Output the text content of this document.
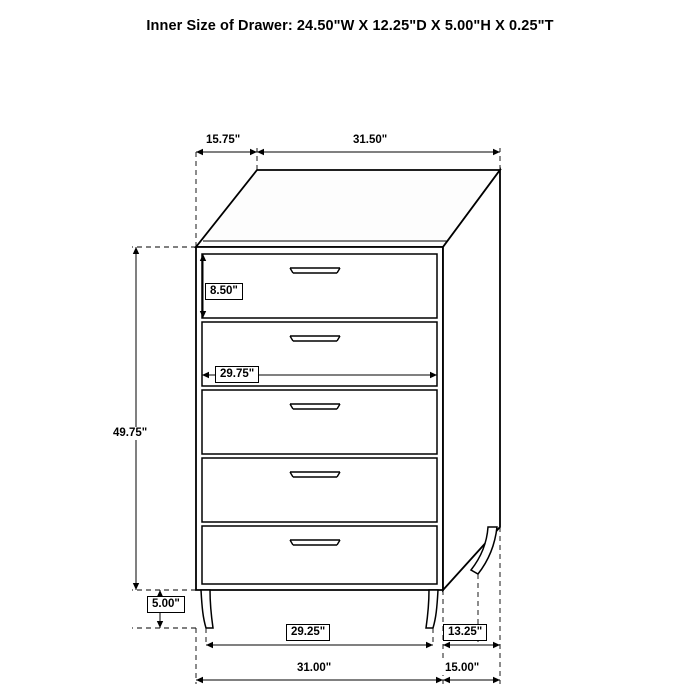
Inner Size of Drawer: 24.50"W X 12.25"D X 5.00"H X 0.25"T
15.75"	31.50"
8.50"
29.75"
49.75"
5.00"
29.25"	13.25"
31.00"	15.00"
